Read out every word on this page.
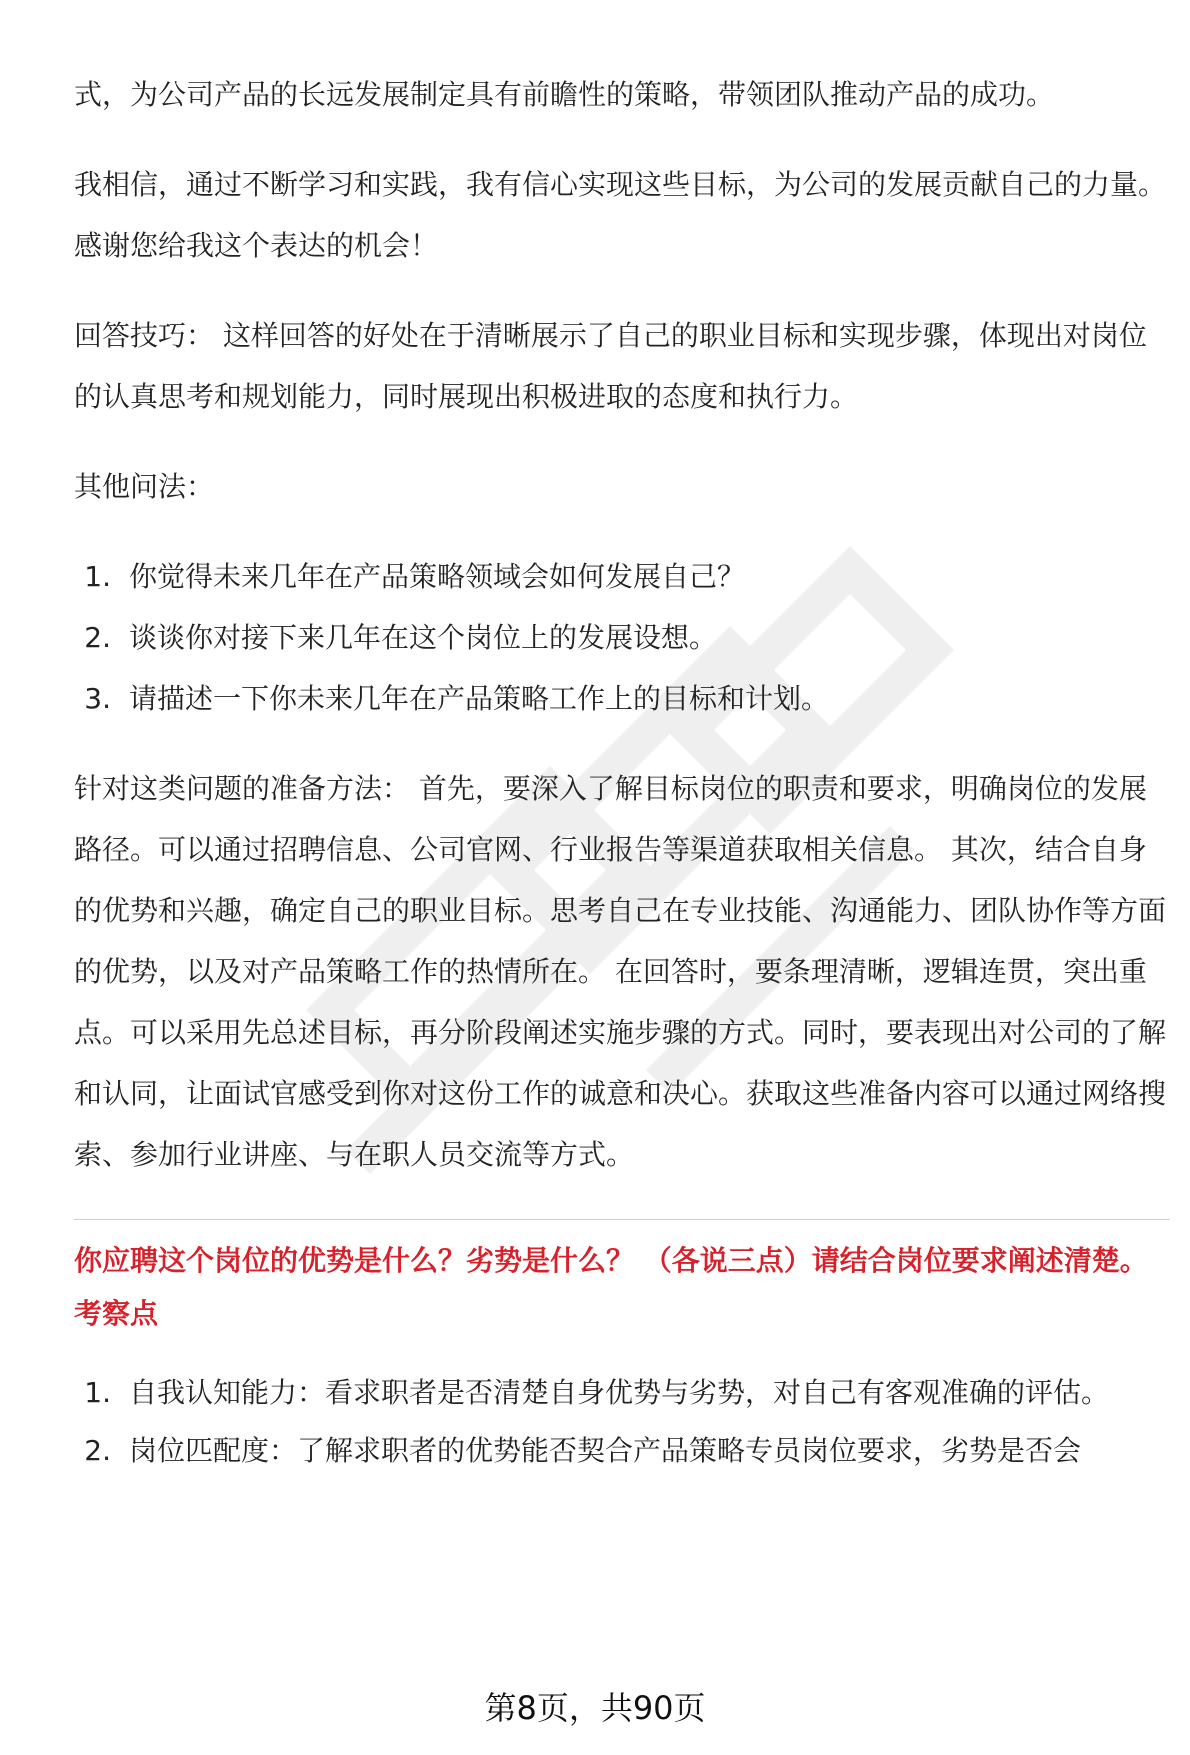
式，为公司产品的长远发展制定具有前瞻性的策略，带领团队推动产品的成功。

我相信，通过不断学习和实践，我有信心实现这些目标，为公司的发展贡献自己的力量。感谢您给我这个表达的机会！

回答技巧： 这样回答的好处在于清晰展示了自己的职业目标和实现步骤，体现出对岗位的认真思考和规划能力，同时展现出积极进取的态度和执行力。

其他问法：

1. 你觉得未来几年在产品策略领域会如何发展自己？
2. 谈谈你对接下来几年在这个岗位上的发展设想。
3. 请描述一下你未来几年在产品策略工作上的目标和计划。

针对这类问题的准备方法： 首先，要深入了解目标岗位的职责和要求，明确岗位的发展路径。可以通过招聘信息、公司官网、行业报告等渠道获取相关信息。 其次，结合自身的优势和兴趣，确定自己的职业目标。思考自己在专业技能、沟通能力、团队协作等方面的优势，以及对产品策略工作的热情所在。 在回答时，要条理清晰，逻辑连贯，突出重点。可以采用先总述目标，再分阶段阐述实施步骤的方式。同时，要表现出对公司的了解和认同，让面试官感受到你对这份工作的诚意和决心。获取这些准备内容可以通过网络搜索、参加行业讲座、与在职人员交流等方式。

你应聘这个岗位的优势是什么？劣势是什么？ （各说三点）请结合岗位要求阐述清楚。
考察点
1. 自我认知能力：看求职者是否清楚自身优势与劣势，对自己有客观准确的评估。
2. 岗位匹配度：了解求职者的优势能否契合产品策略专员岗位要求，劣势是否会
第8页，共90页
